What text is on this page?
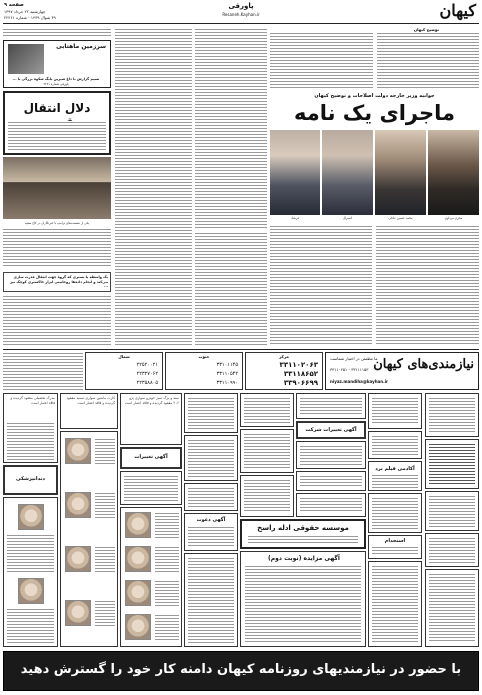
صفحه ۹
چهارشنبه ۲۲ خرداد ۱۳۹۷
۳۹ شوال ۱۴۳۹ - شماره ۲۲۲۶۱
پاورقی
Resaneh.Kayhan.ir	کیهان
توضیح کیهان
جوابیه وزیر خارجه دولت اصلاحات و توضیح کیهان
ماجرای یک نامه
مجری مرداوی
محمد حسین عادلی
ادمیرال
فرشاد
سرزمین ماهتابی
نسیم گزارش با داغ شیرین بانگ شکوه بزرگی با ...
پاورقی شماره ۲۲۶۱
دلال انتقال
یکی از نشست‌های ترامپ با خبرنگاران در کاخ سفید
یک واسطه یا بستری که گروه جهت انتقال قدرت سازی می‌کند و انجام داده‌ها روحانیتی ابزار خاکستری کوچک نیز ...
نیازمندی‌های کیهان
ما مطمئن در اختیار شماست
۳۳۱۱۱۱۵۳ - ۳۳۱۱۰۲۵۱
niyaz.mandiha@kayhan.ir
مرکز
۳۳۱۱۰۲۰۶۳
۳۳۱۱۸۶۵۲
۳۳۹۰۶۶۹۹
جنوب
۳۳۱۰۱۱۴۵
۳۳۱۱۰۵۴۲
۳۳۱۱۰۹۹۰
شمال
۲۲۵۲۰۰۲۱
۲۲۳۲۷۰۶۲
۲۲۳۵۸۸۰۵
آکادمی فیلم برد
استخدام
آگهی تغییرات شرکت
موسسه حقوقی ادله راسخ
آگهی مزایده (نوبت دوم)
آگهی دعوت
سند و برگ سبز خودرو سواری پژو ۲۰۶ مفقود گردیده و فاقد اعتبار است
آگهی تغییرات
کارت ماشین سواری سمند مفقود گردیده و فاقد اعتبار است
مدرک تحصیلی مفقود گردیده و فاقد اعتبار است
دندانپزشکی
با حضور در نیازمندیهای روزنامه کیهان دامنه کار خود را گسترش دهید
